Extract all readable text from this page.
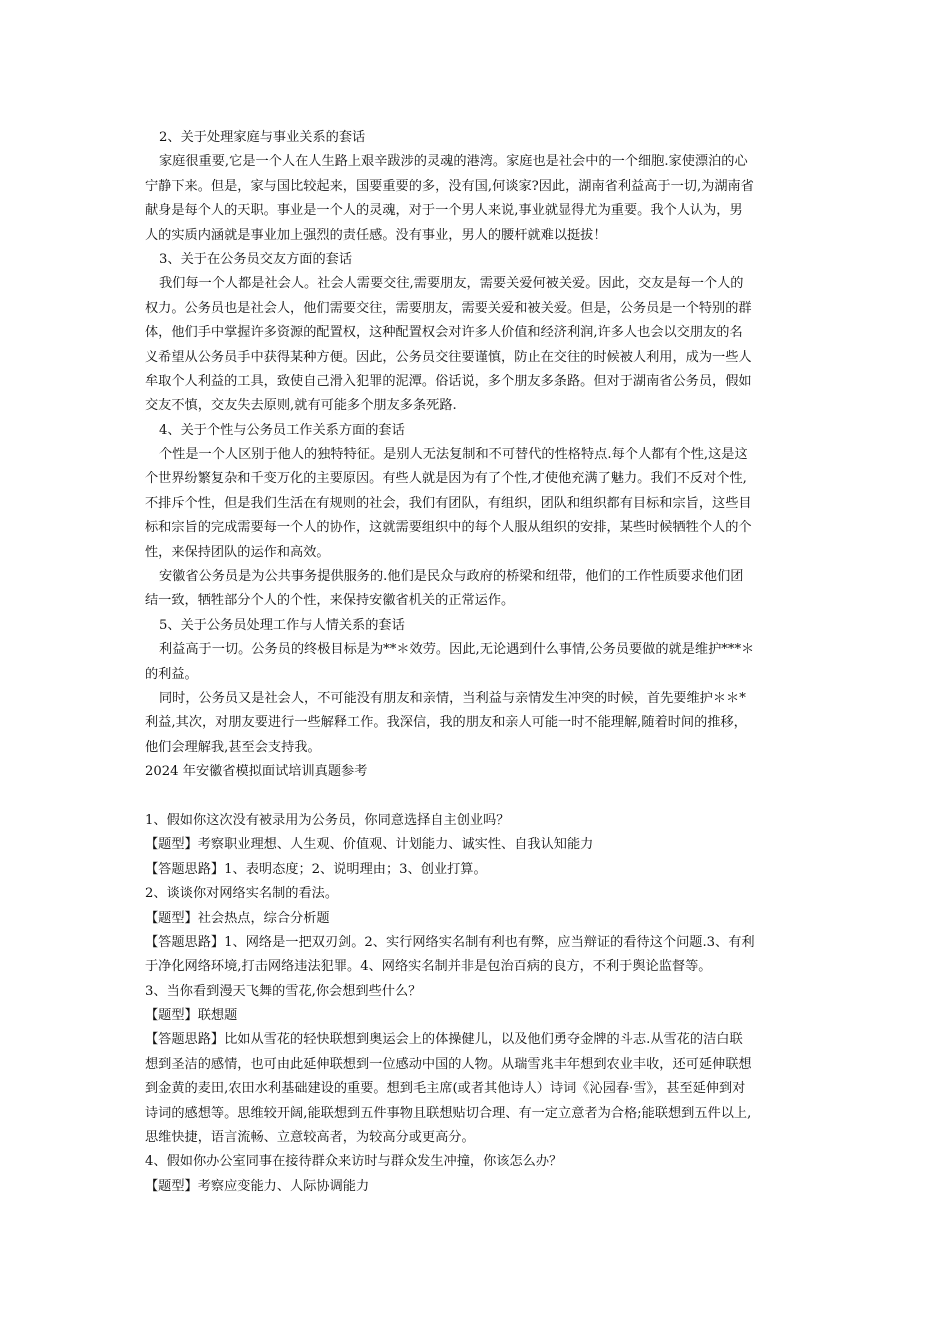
2、关于处理家庭与事业关系的套话
家庭很重要,它是一个人在人生路上艰辛跋涉的灵魂的港湾。家庭也是社会中的一个细胞.家使漂泊的心
宁静下来。但是，家与国比较起来，国要重要的多，没有国,何谈家?因此，湖南省利益高于一切,为湖南省
献身是每个人的天职。事业是一个人的灵魂，对于一个男人来说,事业就显得尤为重要。我个人认为，男
人的实质内涵就是事业加上强烈的责任感。没有事业，男人的腰杆就难以挺拔！
3、关于在公务员交友方面的套话
我们每一个人都是社会人。社会人需要交往,需要朋友，需要关爱何被关爱。因此，交友是每一个人的
权力。公务员也是社会人，他们需要交往，需要朋友，需要关爱和被关爱。但是，公务员是一个特别的群
体，他们手中掌握许多资源的配置权，这种配置权会对许多人价值和经济利润,许多人也会以交朋友的名
义希望从公务员手中获得某种方便。因此，公务员交往要谨慎，防止在交往的时候被人利用，成为一些人
牟取个人利益的工具，致使自己滑入犯罪的泥潭。俗话说，多个朋友多条路。但对于湖南省公务员，假如
交友不慎，交友失去原则,就有可能多个朋友多条死路.
4、关于个性与公务员工作关系方面的套话
个性是一个人区别于他人的独特特征。是别人无法复制和不可替代的性格特点.每个人都有个性,这是这
个世界纷繁复杂和千变万化的主要原因。有些人就是因为有了个性,才使他充满了魅力。我们不反对个性,
不排斥个性，但是我们生活在有规则的社会，我们有团队，有组织，团队和组织都有目标和宗旨，这些目
标和宗旨的完成需要每一个人的协作，这就需要组织中的每个人服从组织的安排，某些时候牺牲个人的个
性，来保持团队的运作和高效。
安徽省公务员是为公共事务提供服务的.他们是民众与政府的桥梁和纽带，他们的工作性质要求他们团
结一致，牺牲部分个人的个性，来保持安徽省机关的正常运作。
5、关于公务员处理工作与人情关系的套话
利益高于一切。公务员的终极目标是为**＊效劳。因此,无论遇到什么事情,公务员要做的就是维护***＊
的利益。
同时，公务员又是社会人，不可能没有朋友和亲情，当利益与亲情发生冲突的时候，首先要维护＊＊*
利益,其次，对朋友要进行一些解释工作。我深信，我的朋友和亲人可能一时不能理解,随着时间的推移，
他们会理解我,甚至会支持我。
2024 年安徽省模拟面试培训真题参考
1、假如你这次没有被录用为公务员，你同意选择自主创业吗？
【题型】考察职业理想、人生观、价值观、计划能力、诚实性、自我认知能力
【答题思路】1、表明态度；2、说明理由；3、创业打算。
2、谈谈你对网络实名制的看法。
【题型】社会热点，综合分析题
【答题思路】1、网络是一把双刃剑。2、实行网络实名制有利也有弊，应当辩证的看待这个问题.3、有利
于净化网络环境,打击网络违法犯罪。4、网络实名制并非是包治百病的良方，不利于舆论监督等。
3、当你看到漫天飞舞的雪花,你会想到些什么？
【题型】联想题
【答题思路】比如从雪花的轻快联想到奥运会上的体操健儿，以及他们勇夺金牌的斗志.从雪花的洁白联
想到圣洁的感情，也可由此延伸联想到一位感动中国的人物。从瑞雪兆丰年想到农业丰收，还可延伸联想
到金黄的麦田,农田水利基础建设的重要。想到毛主席(或者其他诗人）诗词《沁园春·雪》，甚至延伸到对
诗词的感想等。思维较开阔,能联想到五件事物且联想贴切合理、有一定立意者为合格;能联想到五件以上,
思维快捷，语言流畅、立意较高者，为较高分或更高分。
4、假如你办公室同事在接待群众来访时与群众发生冲撞，你该怎么办？
【题型】考察应变能力、人际协调能力
